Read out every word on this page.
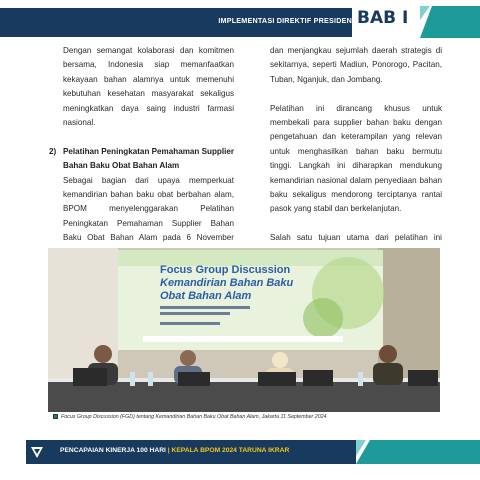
IMPLEMENTASI DIREKTIF PRESIDEN BAB I

Dengan semangat kolaborasi dan komitmen bersama, Indonesia siap memanfaatkan kekayaan bahan alamnya untuk memenuhi kebutuhan kesehatan masyarakat sekaligus meningkatkan daya saing industri farmasi nasional.

2) Pelatihan Peningkatan Pemahaman Supplier Bahan Baku Obat Bahan Alam

Sebagai bagian dari upaya memperkuat kemandirian bahan baku obat berbahan alam, BPOM menyelenggarakan Pelatihan Peningkatan Pemahaman Supplier Bahan Baku Obat Bahan Alam pada 6 November

dan menjangkau sejumlah daerah strategis di sekitarnya, seperti Madiun, Ponorogo, Pacitan, Tuban, Nganjuk, dan Jombang.

Pelatihan ini dirancang khusus untuk membekali para supplier bahan baku dengan pengetahuan dan keterampilan yang relevan untuk menghasilkan bahan baku bermutu tinggi. Langkah ini diharapkan mendukung kemandirian nasional dalam penyediaan bahan baku sekaligus mendorong terciptanya rantai pasok yang stabil dan berkelanjutan.

Salah satu tujuan utama dari pelatihan ini

Focus Group Discussion
Kemandirian Bahan Baku
Obat Bahan Alam
Focus Group Discussion (FGD) tentang Kemandirian Bahan Baku Obat Bahan Alam, Jakarta 11 September 2024
PENCAPAIAN KINERJA 100 HARI | KEPALA BPOM 2024 TARUNA IKRAR	17
